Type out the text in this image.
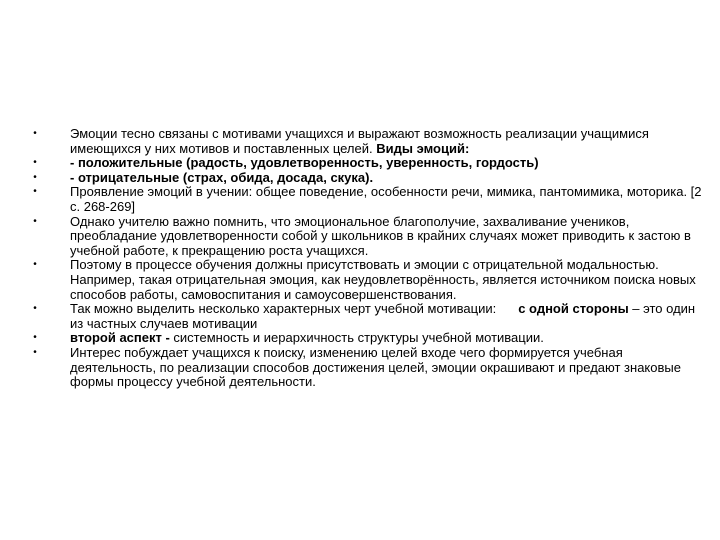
•	Эмоции тесно связаны с мотивами учащихся и выражают возможность реализации учащимися имеющихся у них мотивов и поставленных целей. Виды эмоций:
•	- положительные (радость, удовлетворенность, уверенность, гордость)
•	- отрицательные (страх, обида, досада, скука).
•	Проявление эмоций в учении: общее поведение, особенности речи, мимика, пантомимика, моторика. [2 с. 268-269]
•	Однако учителю важно помнить, что эмоциональное благополучие, захваливание учеников, преобладание удовлетворенности собой у школьников в крайних случаях может приводить к застою в учебной работе, к прекращению роста учащихся.
•	Поэтому в процессе обучения должны присутствовать и эмоции с отрицательной модальностью. Например, такая отрицательная эмоция, как неудовлетворённость, является источником поиска новых способов работы, самовоспитания и самоусовершенствования.
•	Так можно выделить несколько характерных черт учебной мотивации: с одной стороны – это один из частных случаев мотивации
•	второй аспект - системность и иерархичность структуры учебной мотивации.
•	Интерес побуждает учащихся к поиску, изменению целей входе чего формируется учебная деятельность, по реализации способов достижения целей, эмоции окрашивают и предают знаковые формы процессу учебной деятельности.
